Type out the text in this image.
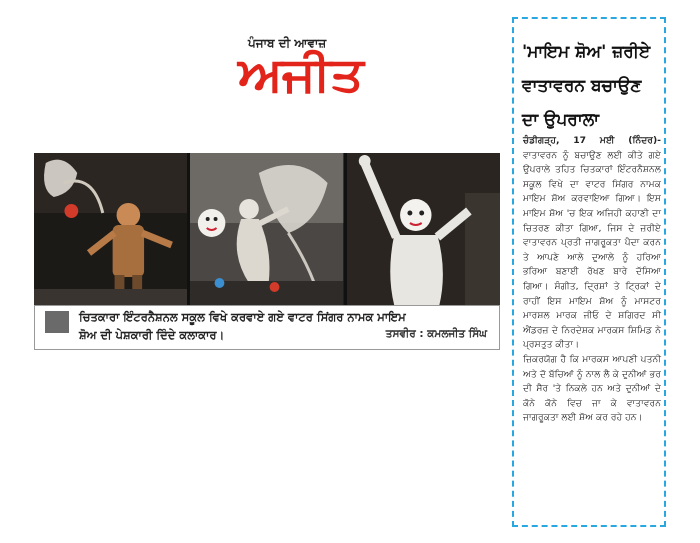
ਪੰਜਾਬ ਦੀ ਆਵਾਜ਼
ਅਜੀਤ
ਚਿਤਕਾਰਾ ਇੰਟਰਨੈਸ਼ਨਲ ਸਕੂਲ ਵਿਖੇ ਕਰਵਾਏ ਗਏ ਵਾਟਰ ਸਿਂਗਰ ਨਾਮਕ ਮਾਇਮ
ਸ਼ੋਅ ਦੀ ਪੇਸ਼ਕਾਰੀ ਦਿੰਦੇ ਕਲਾਕਾਰ।	ਤਸਵੀਰ : ਕਮਲਜੀਤ ਸਿੰਘ
'ਮਾਇਮ ਸ਼ੋਅ' ਜ਼ਰੀਏ ਵਾਤਾਵਰਨ ਬਚਾਉਣ ਦਾ ਉਪਰਾਲਾ
ਚੰਡੀਗੜ੍ਹ, 17 ਮਈ (ਨਿੰਦਰ)- ਵਾਤਾਵਰਨ ਨੂੰ ਬਚਾਉਣ ਲਈ ਕੀਤੇ ਗਏ ਉਪਰਾਲੇ ਤਹਿਤ ਚਿਤਕਾਰਾਂ ਇੰਟਰਨੈਸ਼ਨਲ ਸਕੂਲ ਵਿਖੇ ਦਾ ਵਾਟਰ ਸਿਂਗਰ ਨਾਮਕ ਮਾਇਮ ਸ਼ੋਅ ਕਰਵਾਇਆ ਗਿਆ। ਇਸ ਮਾਇਮ ਸ਼ੋਅ 'ਚ ਇਕ ਅਜਿਹੀ ਕਹਾਣੀ ਦਾ ਚਿਤਰਣ ਕੀਤਾ ਗਿਆ, ਜਿਸ ਦੇ ਜ਼ਰੀਏ ਵਾਤਾਵਰਨ ਪ੍ਰਤੀ ਜਾਗਰੂਕਤਾ ਪੈਦਾ ਕਰਨ ਤੇ ਆਪਣੇ ਆਲੇ ਦੁਆਲੇ ਨੂੰ ਹਰਿਆ ਭਰਿਆ ਬਣਾਈ ਰੱਖਣ ਬਾਰੇ ਦੱਸਿਆ ਗਿਆ। ਸੰਗੀਤ, ਦ੍ਰਿਸ਼ਾਂ ਤੇ ਟ੍ਰਿਕਾਂ ਦੇ ਰਾਹੀਂ ਇਸ ਮਾਇਮ ਸ਼ੋਅ ਨੂੰ ਮਾਸਟਰ ਮਾਰਸ਼ਲ ਮਾਰਕ ਜੀਓ ਦੇ ਸ਼ਗਿਰਦ ਸੀ ਐਂਡਰਜ਼ ਦੇ ਨਿਰਦੇਸ਼ਕ ਮਾਰਕਸ ਸ਼ਿਮਿਡ ਨੇ ਪ੍ਰਸਤੁਤ ਕੀਤਾ।
ਜ਼ਿਕਰਯੋਗ ਹੈ ਕਿ ਮਾਰਕਸ ਆਪਣੀ ਪਤਨੀ ਅਤੇ ਦੋ ਬੱਚਿਆਂ ਨੂੰ ਨਾਲ ਲੈ ਕੇ ਦੁਨੀਆਂ ਭਰ ਦੀ ਸੈਰ 'ਤੇ ਨਿਕਲੇ ਹਨ ਅਤੇ ਦੁਨੀਆਂ ਦੇ ਕੋਨੇ ਕੋਨੇ ਵਿਚ ਜਾ ਕੇ ਵਾਤਾਵਰਨ ਜਾਗਰੂਕਤਾ ਲਈ ਸ਼ੋਅ ਕਰ ਰਹੇ ਹਨ।
